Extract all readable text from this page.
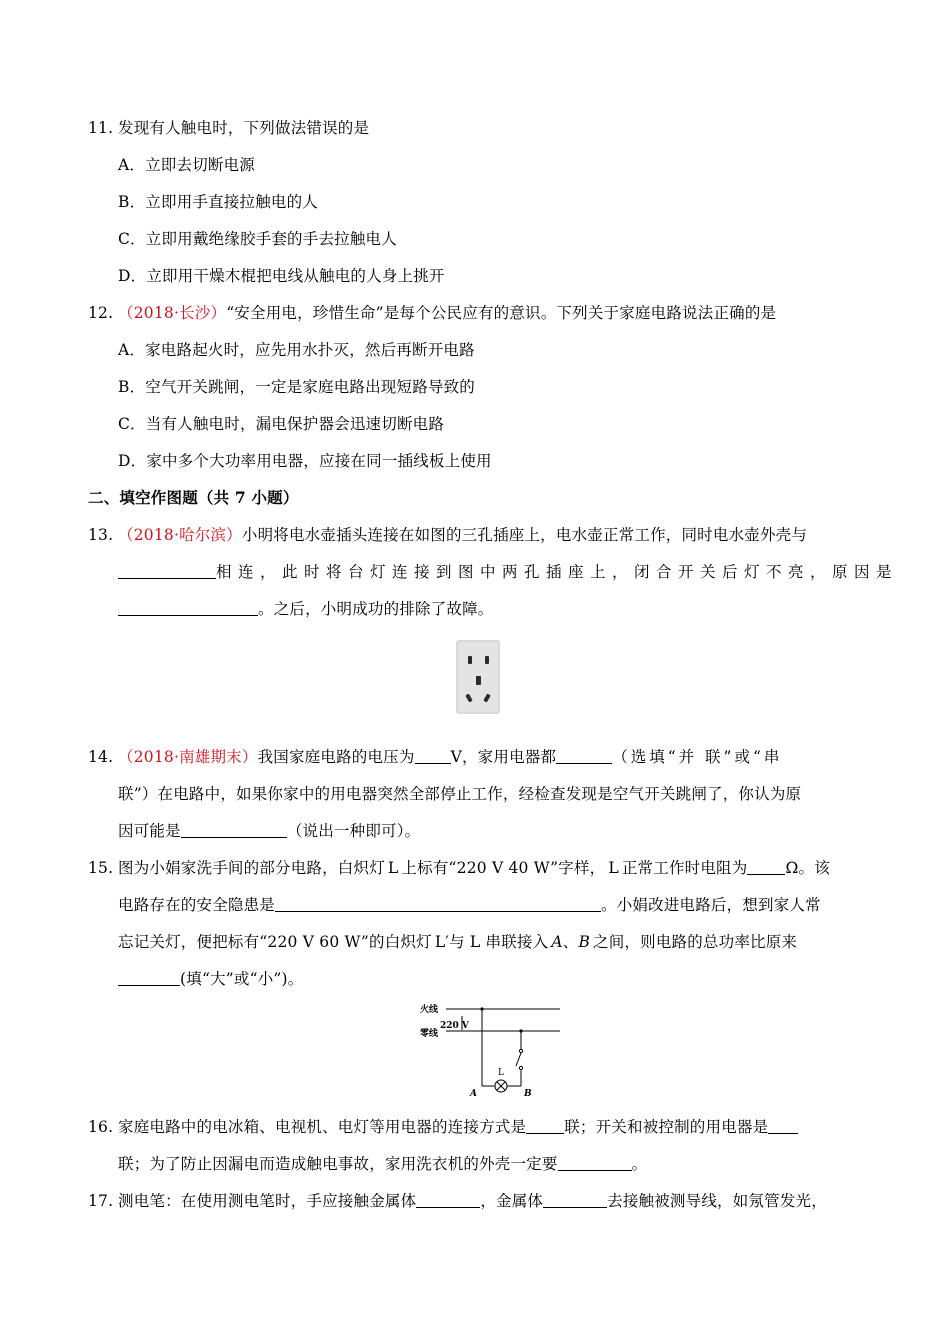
11. 发现有人触电时，下列做法错误的是
A．立即去切断电源
B．立即用手直接拉触电的人
C．立即用戴绝缘胶手套的手去拉触电人
D．立即用干燥木棍把电线从触电的人身上挑开
12. （2018·长沙）“安全用电，珍惜生命”是每个公民应有的意识。下列关于家庭电路说法正确的是
A．家电路起火时，应先用水扑灭，然后再断开电路
B．空气开关跳闸，一定是家庭电路出现短路导致的
C．当有人触电时，漏电保护器会迅速切断电路
D．家中多个大功率用电器，应接在同一插线板上使用
二、填空作图题（共 7 小题）
13. （2018·哈尔滨）小明将电水壶插头连接在如图的三孔插座上，电水壶正常工作，同时电水壶外壳与
相连，此时将台灯连接到图中两孔插座上，闭合开关后灯不亮，原因是
。之后，小明成功的排除了故障。
14. （2018·南雄期末）我国家庭电路的电压为 V，家用电器都	（选填“并 联”或“串
联”）在电路中，如果你家中的用电器突然全部停止工作，经检查发现是空气开关跳闸了，你认为原
因可能是	（说出一种即可）。
15. 图为小娟家洗手间的部分电路，白炽灯 L 上标有“220 V 40 W”字样， L 正常工作时电阻为 Ω。该
电路存在的安全隐患是	。小娟改进电路后，想到家人常
忘记关灯，便把标有“220 V 60 W”的白炽灯 L′与 L 串联接入 A、B 之间，则电路的总功率比原来
(填“大”或“小”)。
火线
220 V
零线
L
A	B
16. 家庭电路中的电冰箱、电视机、电灯等用电器的连接方式是 联；开关和被控制的用电器是
联；为了防止因漏电而造成触电事故，家用洗衣机的外壳一定要	。
17. 测电笔：在使用测电笔时，手应接触金属体	，金属体	去接触被测导线，如氖管发光，
